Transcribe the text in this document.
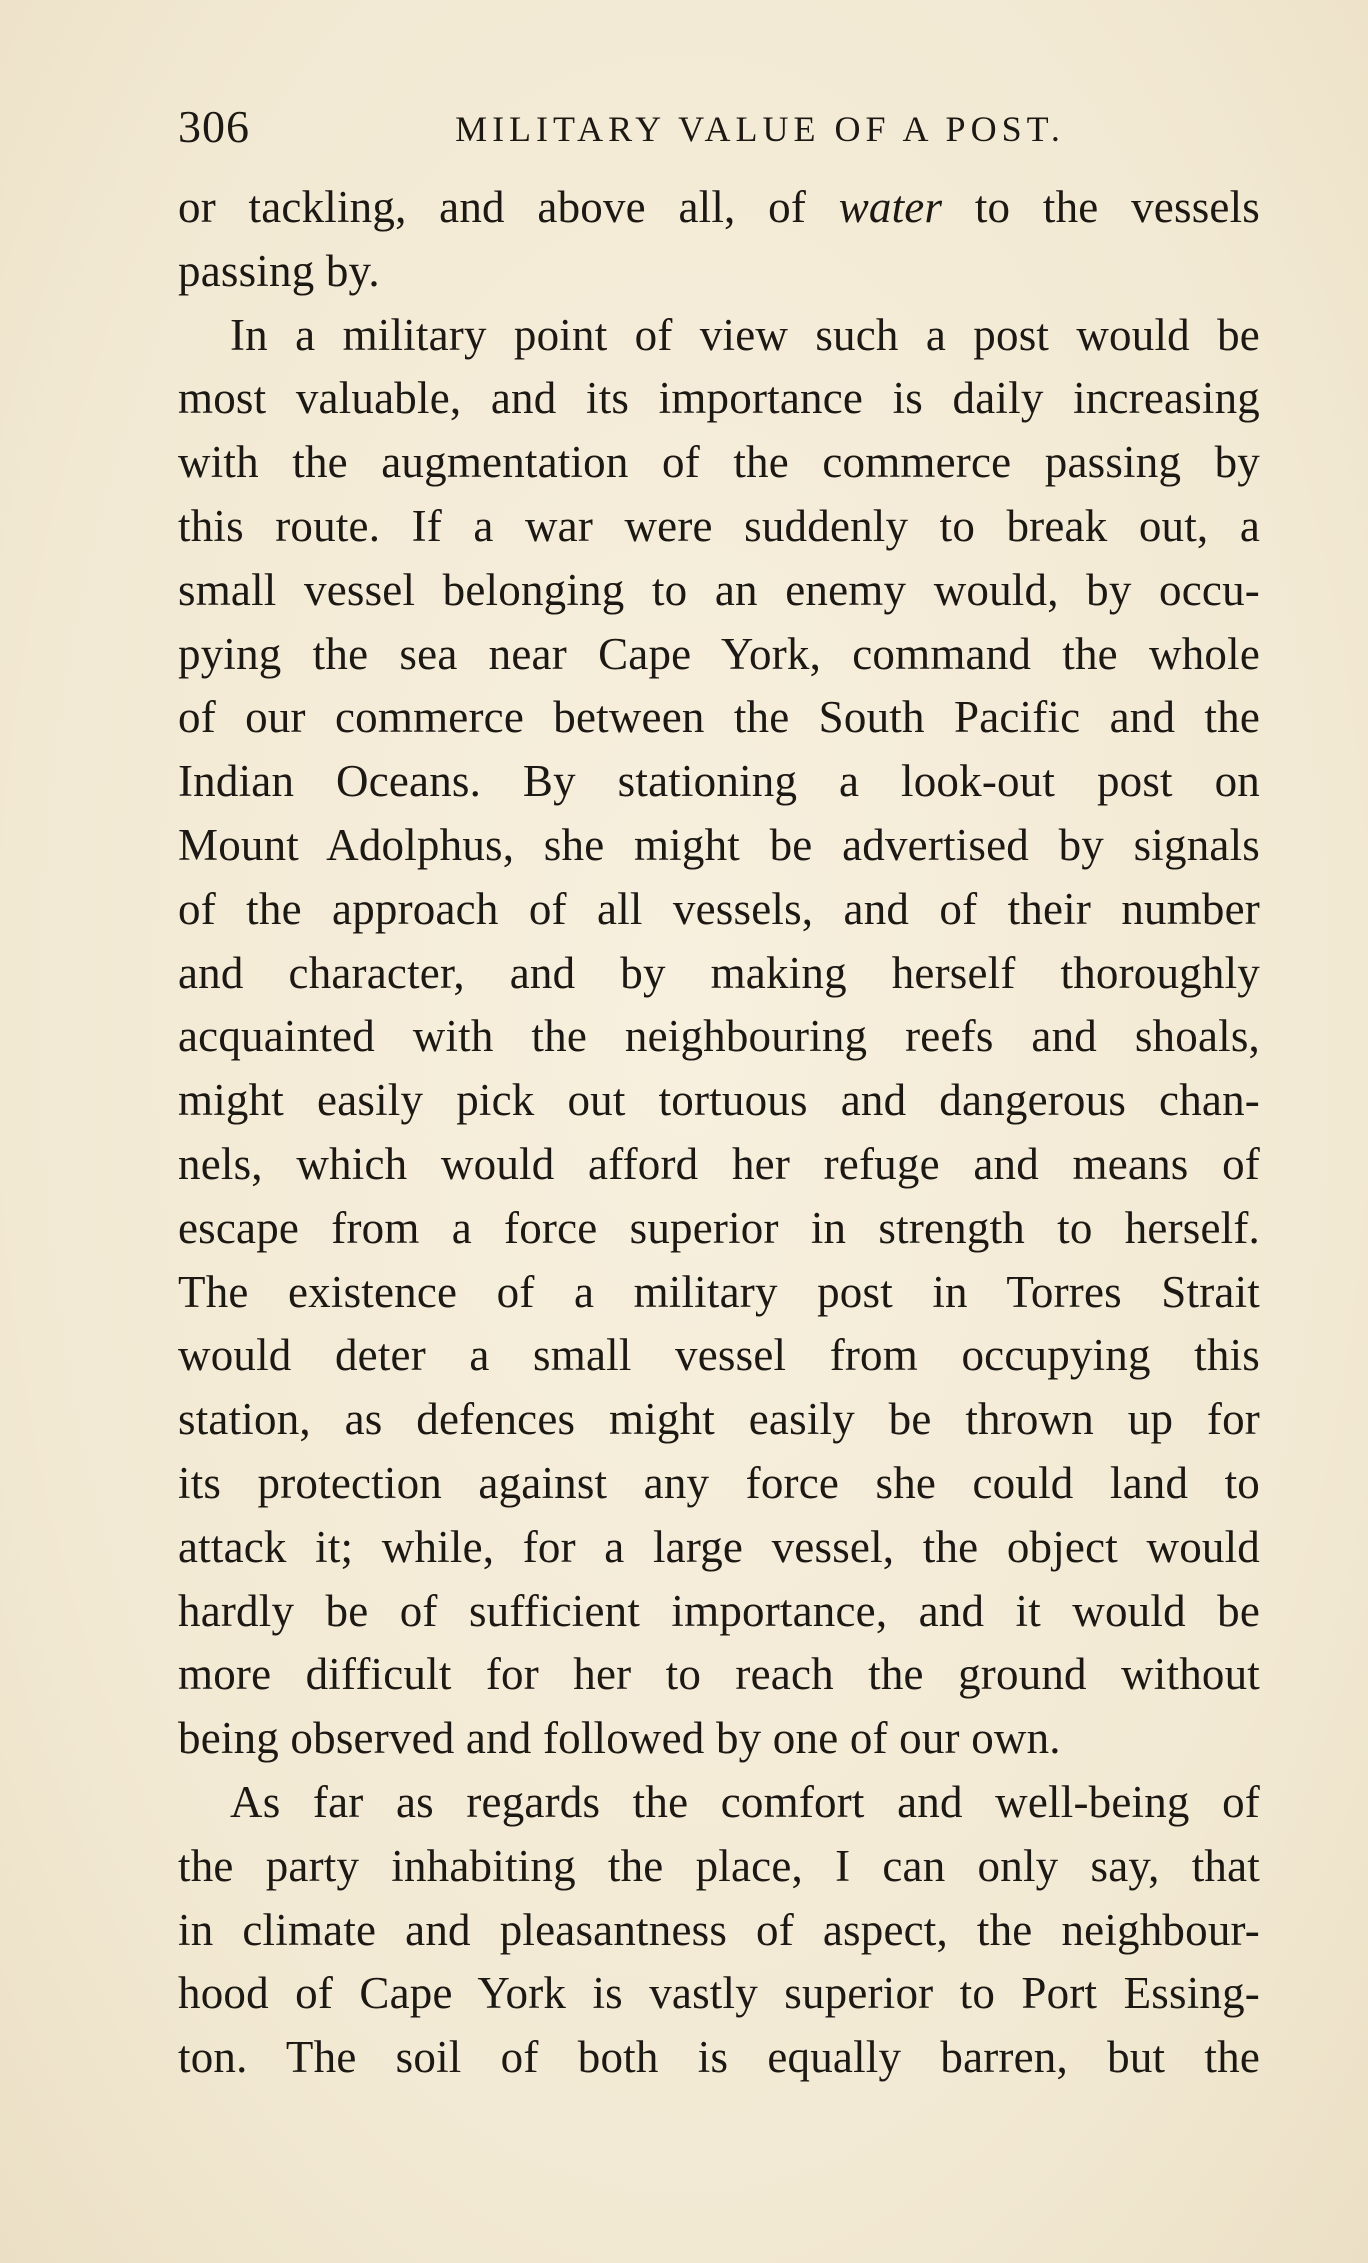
306	MILITARY VALUE OF A POST.
or tackling, and above all, of water to the vessels
passing by.
In a military point of view such a post would be
most valuable, and its importance is daily increasing
with the augmentation of the commerce passing by
this route. If a war were suddenly to break out, a
small vessel belonging to an enemy would, by occu-
pying the sea near Cape York, command the whole
of our commerce between the South Pacific and the
Indian Oceans. By stationing a look-out post on
Mount Adolphus, she might be advertised by signals
of the approach of all vessels, and of their number
and character, and by making herself thoroughly
acquainted with the neighbouring reefs and shoals,
might easily pick out tortuous and dangerous chan-
nels, which would afford her refuge and means of
escape from a force superior in strength to herself.
The existence of a military post in Torres Strait
would deter a small vessel from occupying this
station, as defences might easily be thrown up for
its protection against any force she could land to
attack it; while, for a large vessel, the object would
hardly be of sufficient importance, and it would be
more difficult for her to reach the ground without
being observed and followed by one of our own.
As far as regards the comfort and well-being of
the party inhabiting the place, I can only say, that
in climate and pleasantness of aspect, the neighbour-
hood of Cape York is vastly superior to Port Essing-
ton. The soil of both is equally barren, but the
